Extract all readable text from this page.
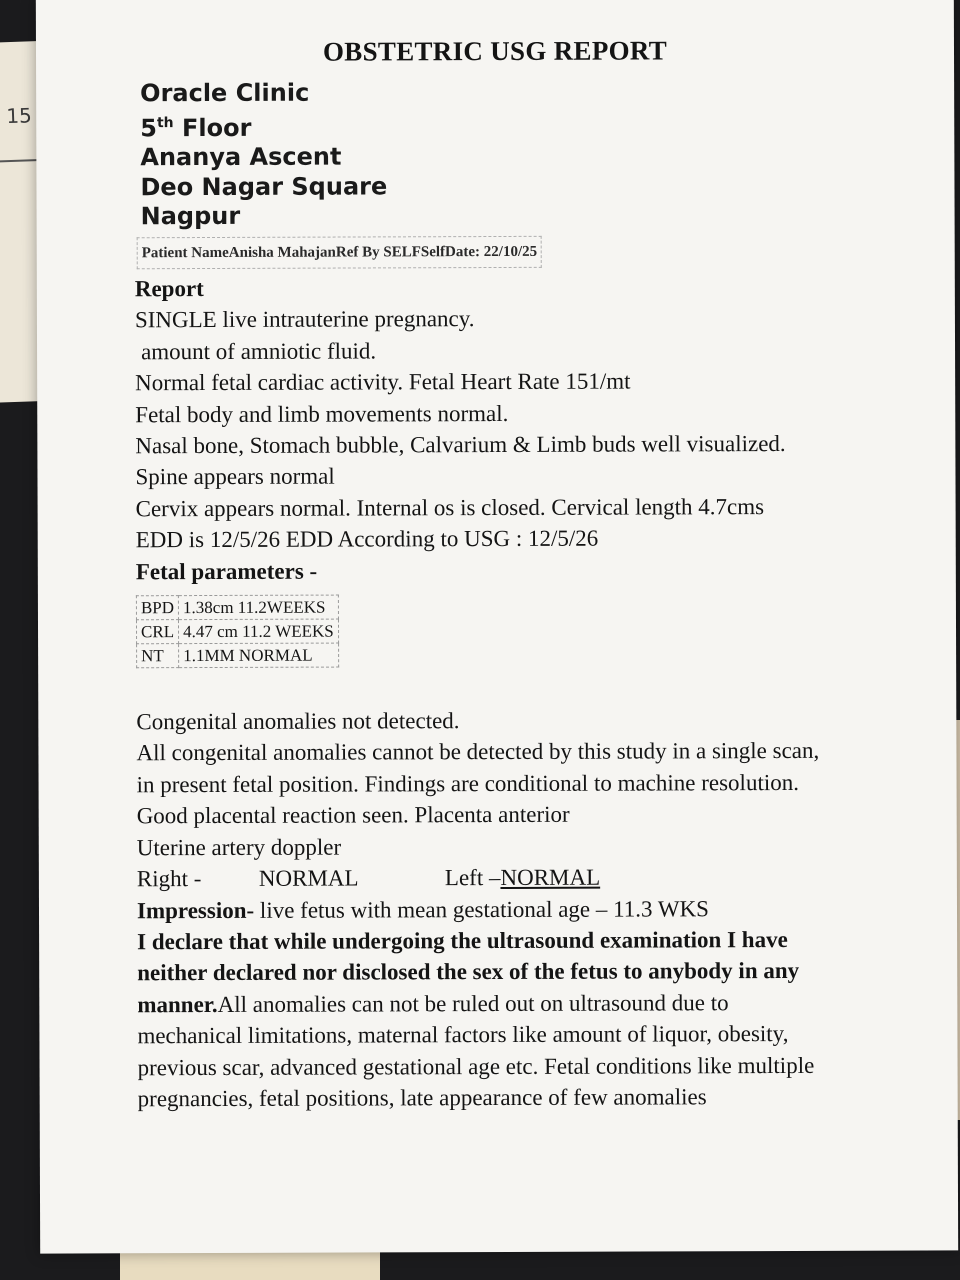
15
OBSTETRIC USG REPORT
Oracle Clinic
5th Floor
Ananya Ascent
Deo Nagar Square
Nagpur
Patient NameAnisha MahajanRef By SELFSelfDate: 22/10/25

Report

SINGLE live intrauterine pregnancy.

amount of amniotic fluid.

Normal fetal cardiac activity. Fetal Heart Rate 151/mt

Fetal body and limb movements normal.

Nasal bone, Stomach bubble, Calvarium & Limb buds well visualized.

Spine appears normal

Cervix appears normal. Internal os is closed. Cervical length 4.7cms

EDD is 12/5/26 EDD According to USG : 12/5/26

Fetal parameters -

BPD	1.38cm 11.2WEEKS
CRL	4.47 cm 11.2 WEEKS
NT	1.1MM NORMAL

Congenital anomalies not detected.

All congenital anomalies cannot be detected by this study in a single scan, in present fetal position. Findings are conditional to machine resolution.

Good placental reaction seen. Placenta anterior

Uterine artery doppler

Right - NORMAL	Left –NORMAL

Impression- live fetus with mean gestational age – 11.3 WKS

I declare that while undergoing the ultrasound examination I have neither declared nor disclosed the sex of the fetus to anybody in any manner.All anomalies can not be ruled out on ultrasound due to mechanical limitations, maternal factors like amount of liquor, obesity, previous scar, advanced gestational age etc. Fetal conditions like multiple pregnancies, fetal positions, late appearance of few anomalies
